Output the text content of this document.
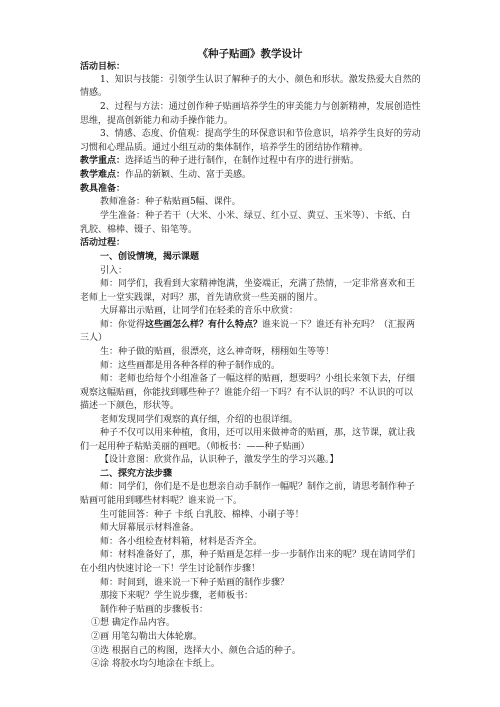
《种子贴画》教学设计
活动目标：
1、知识与技能：引领学生认识了解种子的大小、颜色和形状。激发热爱大自然的
情感。
2、过程与方法：通过创作种子贴画培养学生的审美能力与创新精神，发展创造性
思维，提高创新能力和动手操作能力。
3、情感、态度、价值观：提高学生的环保意识和节俭意识，培养学生良好的劳动
习惯和心理品质。通过小组互动的集体制作，培养学生的团结协作精神。
教学重点：选择适当的种子进行制作，在制作过程中有序的进行拼贴。
教学难点：作品的新颖、生动、富于美感。
教具准备：
教师准备：种子粘贴画5幅、课件。
学生准备：种子若干（大米、小米、绿豆、红小豆、黄豆、玉米等）、卡纸、白
乳胶、棉棒、镊子、铅笔等。
活动过程：
一、创设情境，揭示课题
引入：
师：同学们，我看到大家精神饱满，坐姿端正，充满了热情，一定非常喜欢和王
老师上一堂实践课，对吗？那，首先请欣赏一些美丽的图片。
大屏幕出示贴画，让同学们在轻柔的音乐中欣赏：
师：你觉得这些画怎么样？有什么特点？谁来说一下？谁还有补充吗？（汇报两
三人）
生：种子做的贴画，很漂亮，这么神奇呀，栩栩如生等等！
师：这些画都是用各种各样的种子制作成的。
师：老师也给每个小组准备了一幅这样的贴画，想要吗？小组长来领下去，仔细
观察这幅贴画，你能找到哪些种子？谁能介绍一下吗？有不认识的吗？不认识的可以
描述一下颜色，形状等。
老师发现同学们观察的真仔细，介绍的也很详细。
种子不仅可以用来种植，食用，还可以用来做神奇的贴画，那，这节课，就让我
们一起用种子粘贴美丽的画吧。（师板书：——种子贴画）
【设计意图：欣赏作品，认识种子，激发学生的学习兴趣。】
二、探究方法步骤
师：同学们，你们是不是也想亲自动手制作一幅呢？制作之前，请思考制作种子
贴画可能用到哪些材料呢？谁来说一下。
生可能回答：种子 卡纸 白乳胶、棉棒、小刷子等！
师大屏幕展示材料准备。
师：各小组检查材料箱，材料是否齐全。
师：材料准备好了，那，种子贴画是怎样一步一步制作出来的呢？现在请同学们
在小组内快速讨论一下！学生讨论制作步骤！
师：时间到，谁来说一下种子贴画的制作步骤？
那接下来呢？学生说步骤，老师板书：
制作种子贴画的步骤板书：
①想 确定作品内容。
②画 用笔勾勒出大体轮廓。
③选 根据自己的构图，选择大小、颜色合适的种子。
④涂 将胶水均匀地涂在卡纸上。
